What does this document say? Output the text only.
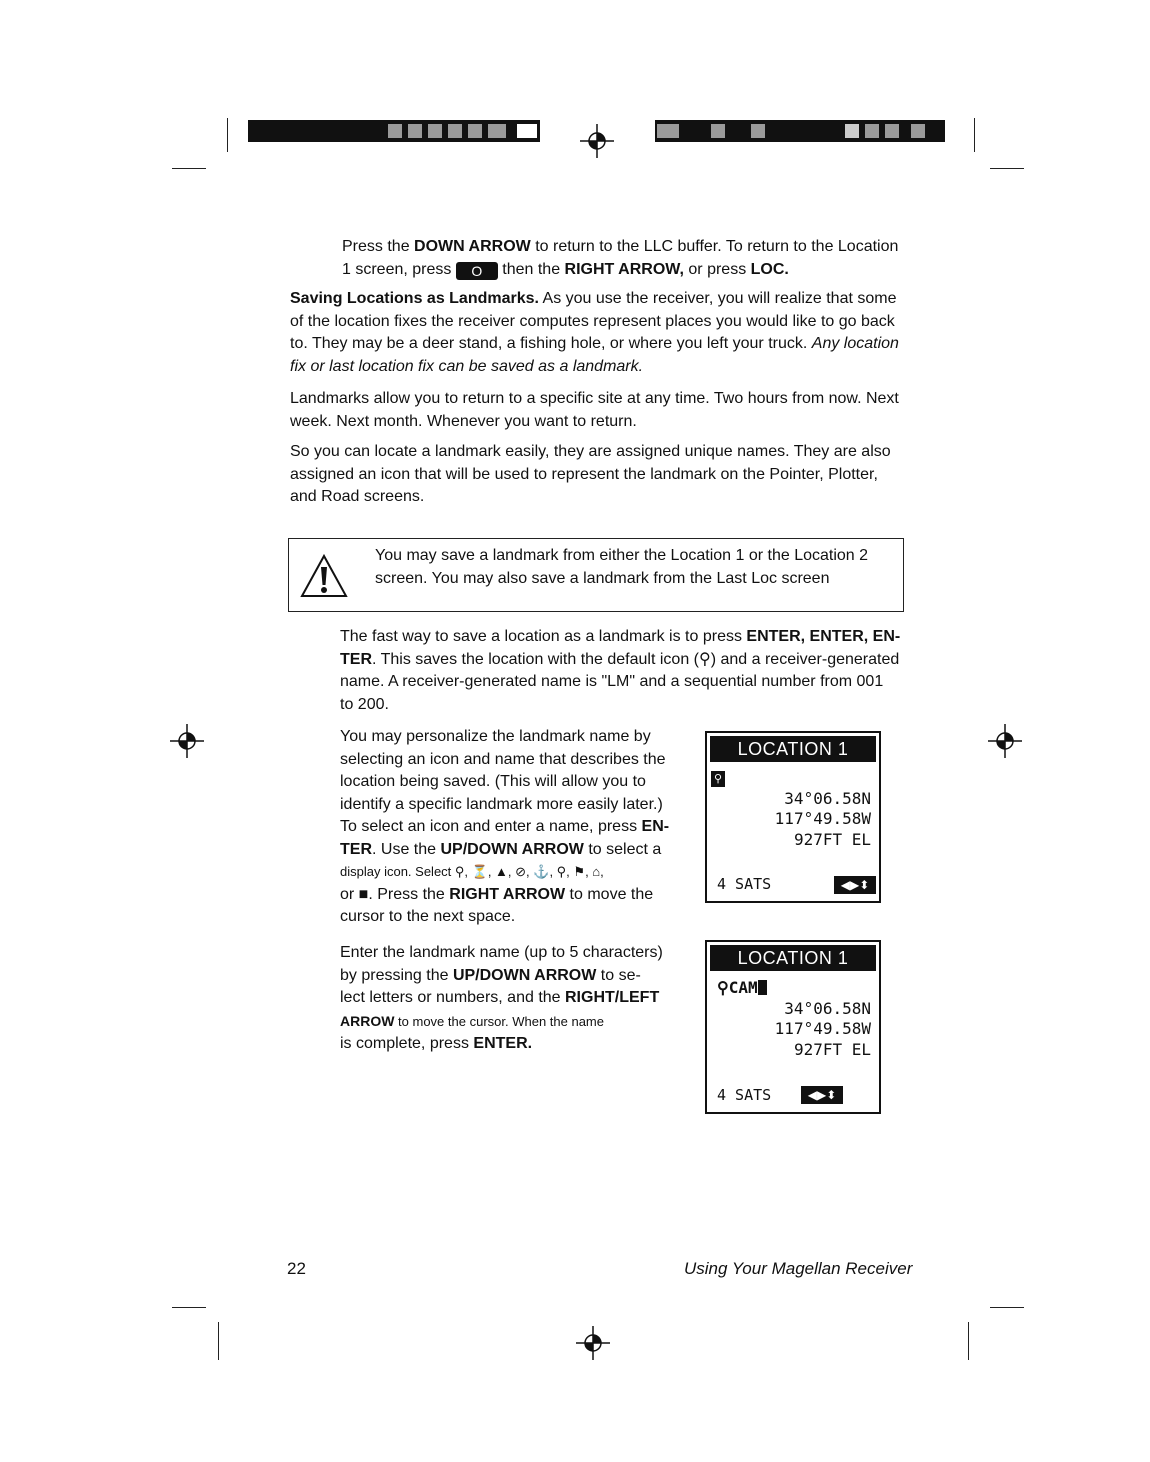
Press the DOWN ARROW to return to the LLC buffer. To return to the Location
1 screen, press O then the RIGHT ARROW, or press LOC.

Saving Locations as Landmarks. As you use the receiver, you will realize that some
of the location fixes the receiver computes represent places you would like to go back
to. They may be a deer stand, a fishing hole, or where you left your truck. Any location
fix or last location fix can be saved as a landmark.

Landmarks allow you to return to a specific site at any time. Two hours from now. Next
week. Next month. Whenever you want to return.

So you can locate a landmark easily, they are assigned unique names. They are also
assigned an icon that will be used to represent the landmark on the Pointer, Plotter,
and Road screens.

You may save a landmark from either the Location 1 or the Location 2
screen. You may also save a landmark from the Last Loc screen

The fast way to save a location as a landmark is to press ENTER, ENTER, EN-
TER. This saves the location with the default icon (⚲) and a receiver-generated
name. A receiver-generated name is "LM" and a sequential number from 001
to 200.

You may personalize the landmark name by
selecting an icon and name that describes the
location being saved. (This will allow you to
identify a specific landmark more easily later.)
To select an icon and enter a name, press EN-
TER. Use the UP/DOWN ARROW to select a
display icon. Select ⚲, ⏳, ▲, ⊘, ⚓, ⚲, ⚑, ⌂,
or ■. Press the RIGHT ARROW to move the
cursor to the next space.

Enter the landmark name (up to 5 characters)
by pressing the UP/DOWN ARROW to se-
lect letters or numbers, and the RIGHT/LEFT
ARROW to move the cursor. When the name
is complete, press ENTER.

LOCATION 1
⚲
34°06.58N
117°49.58W
927FT EL
4 SATS	◀▶⬍
LOCATION 1
⚲CAM
34°06.58N
117°49.58W
927FT EL
4 SATS	◀▶⬍
22	Using Your Magellan Receiver
